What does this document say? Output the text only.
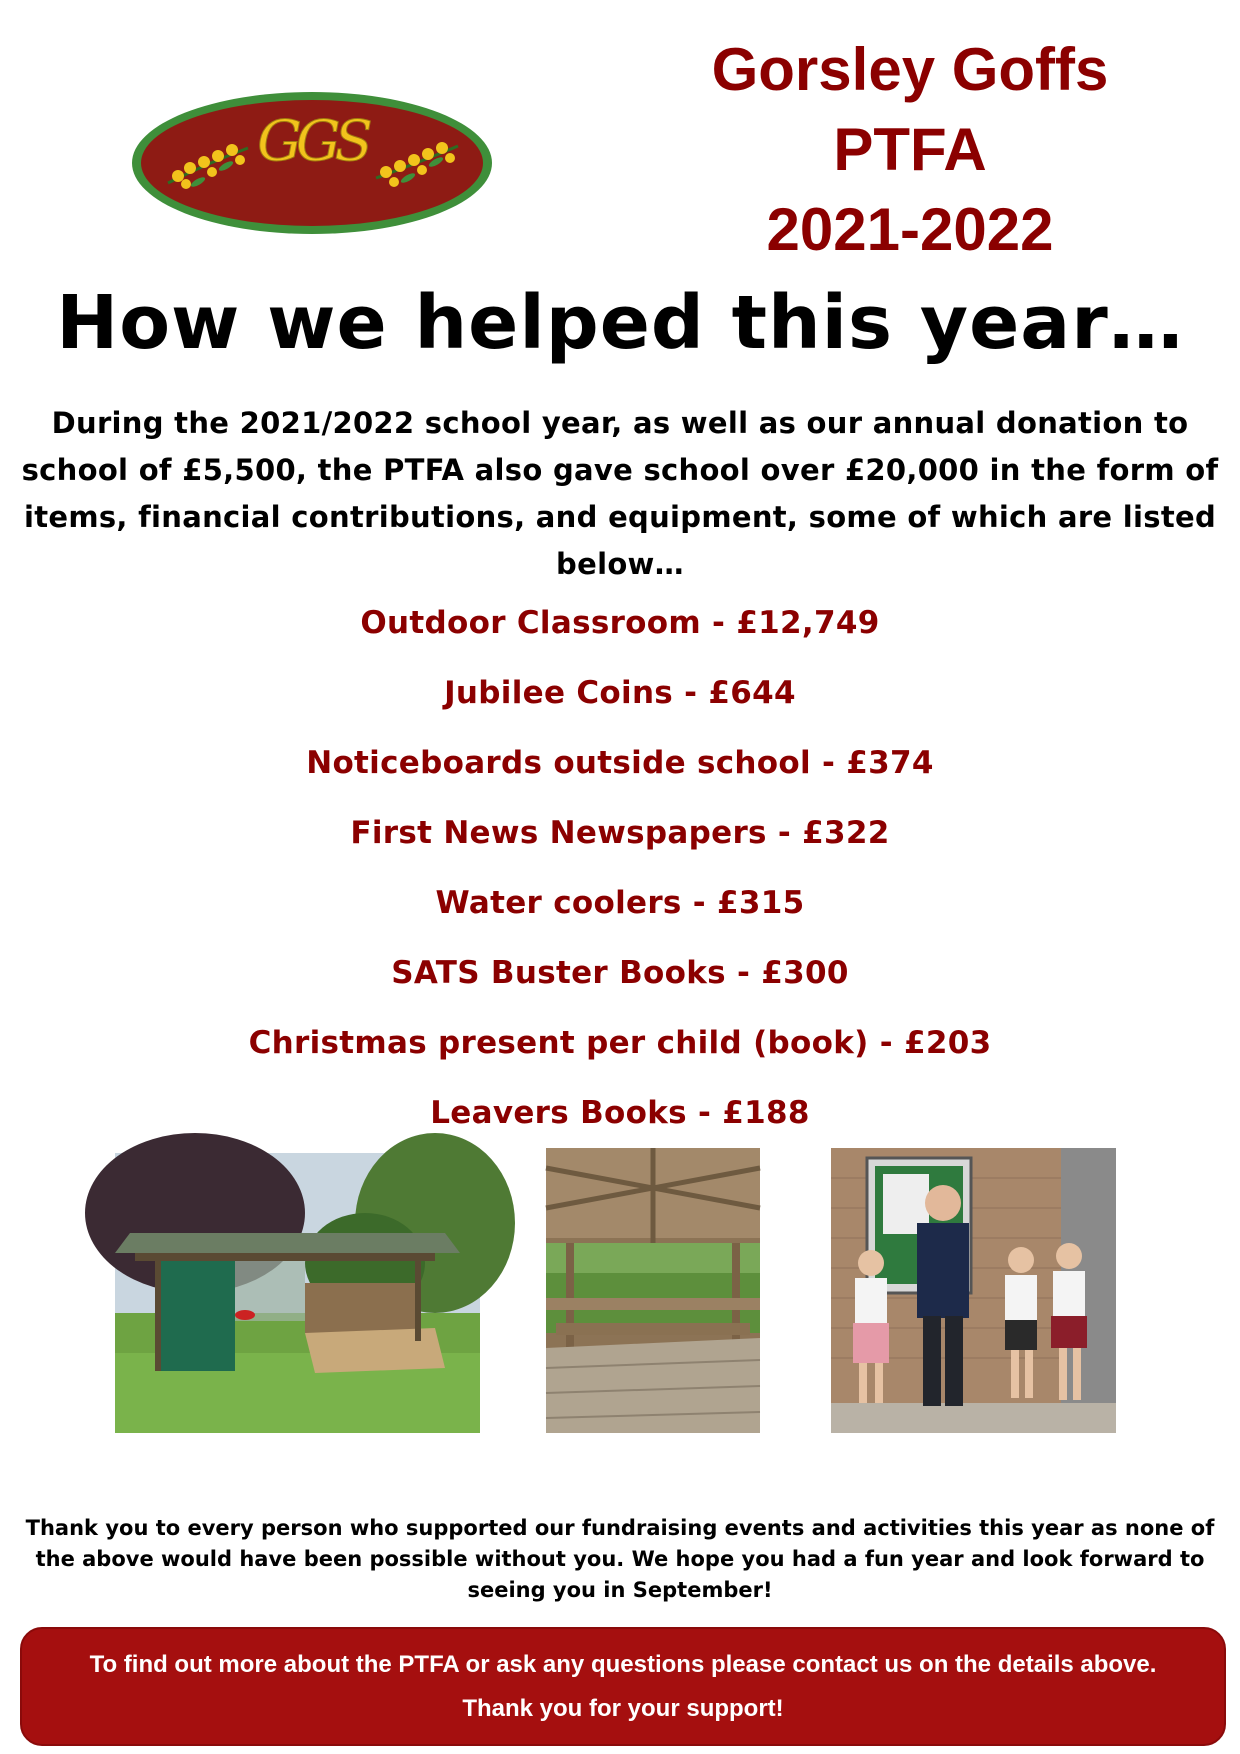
GGS
Gorsley Goffs
PTFA
2021-2022
How we helped this year…
During the 2021/2022 school year, as well as our annual donation to school of £5,500, the PTFA also gave school over £20,000 in the form of items, financial contributions, and equipment, some of which are listed below…
Outdoor Classroom - £12,749
Jubilee Coins - £644
Noticeboards outside school - £374
First News Newspapers - £322
Water coolers - £315
SATS Buster Books - £300
Christmas present per child (book) - £203
Leavers Books - £188
Thank you to every person who supported our fundraising events and activities this year as none of the above would have been possible without you. We hope you had a fun year and look forward to seeing you in September!
To find out more about the PTFA or ask any questions please contact us on the details above.
Thank you for your support!
